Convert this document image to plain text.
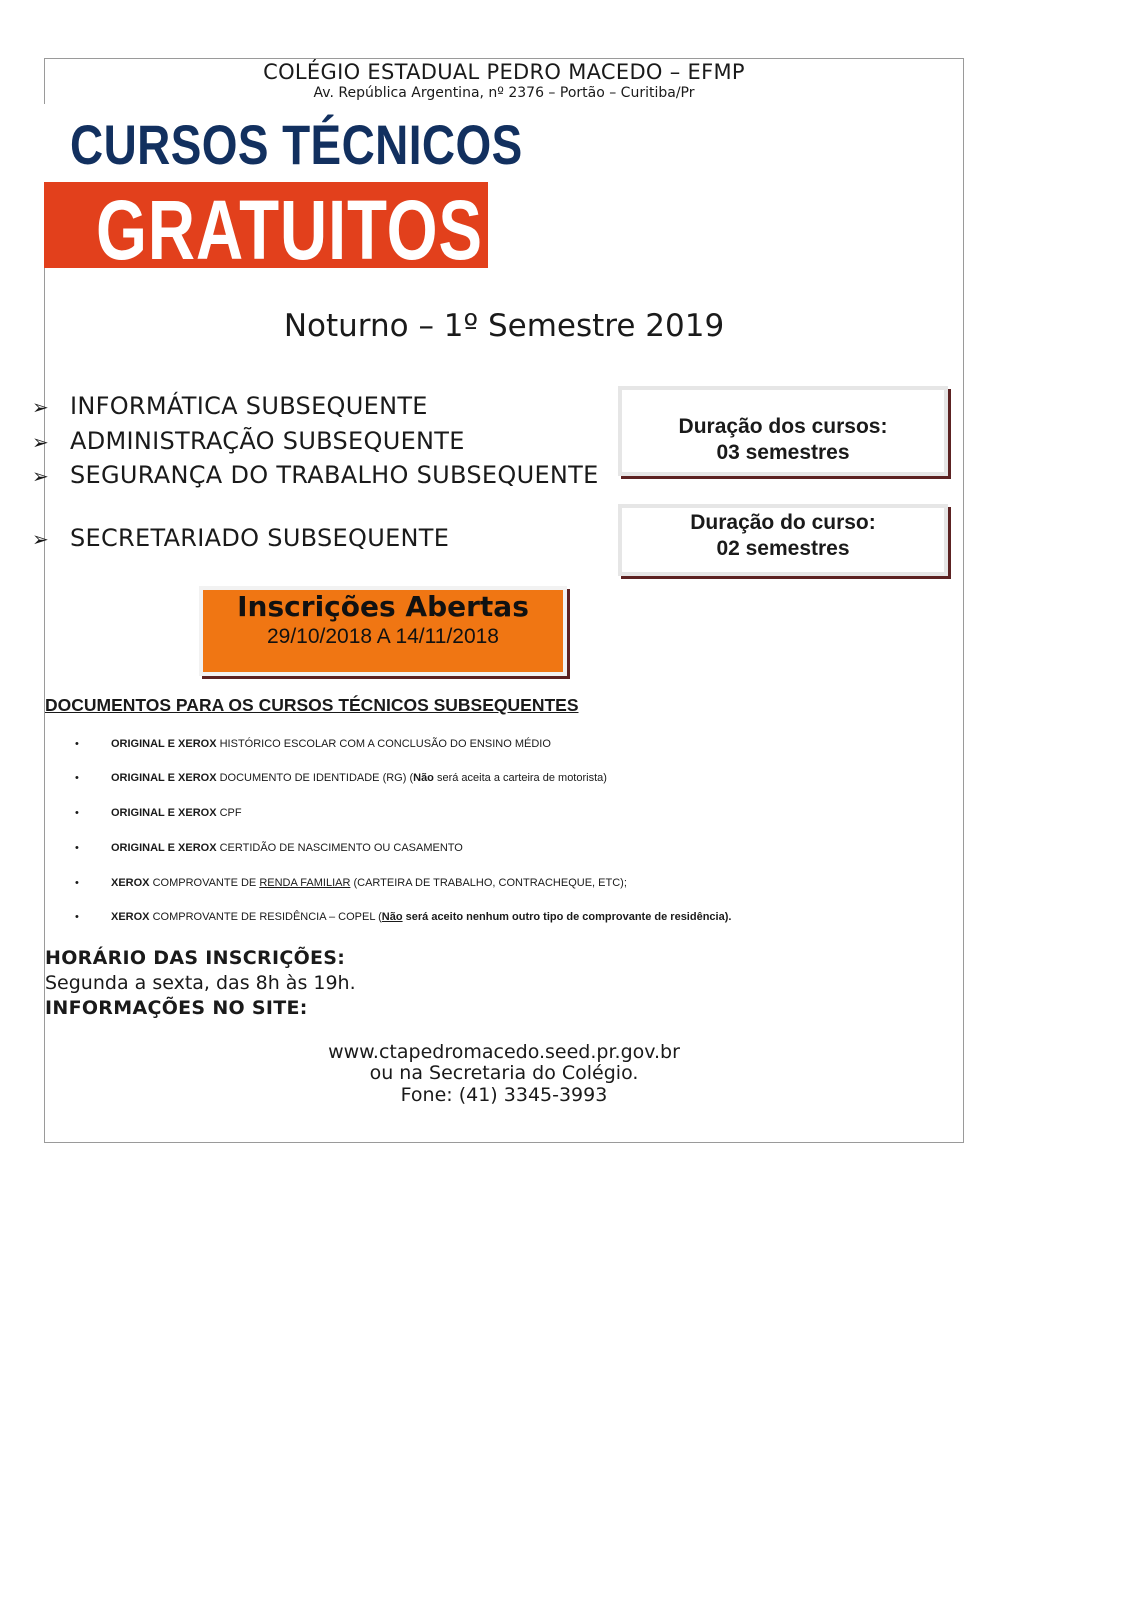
COLÉGIO ESTADUAL PEDRO MACEDO – EFMP
Av. República Argentina, nº 2376 – Portão – Curitiba/Pr
CURSOS TÉCNICOS
GRATUITOS
Noturno – 1º Semestre 2019
➢ INFORMÁTICA SUBSEQUENTE
➢ ADMINISTRAÇÃO SUBSEQUENTE
➢ SEGURANÇA DO TRABALHO SUBSEQUENTE
➢ SECRETARIADO SUBSEQUENTE
Duração dos cursos:
03 semestres
Duração do curso:
02 semestres
Inscrições Abertas
29/10/2018 A 14/11/2018
DOCUMENTOS PARA OS CURSOS TÉCNICOS SUBSEQUENTES
•	ORIGINAL E XEROX HISTÓRICO ESCOLAR COM A CONCLUSÃO DO ENSINO MÉDIO
•	ORIGINAL E XEROX DOCUMENTO DE IDENTIDADE (RG) (Não será aceita a carteira de motorista)
•	ORIGINAL E XEROX CPF
•	ORIGINAL E XEROX CERTIDÃO DE NASCIMENTO OU CASAMENTO
•	XEROX COMPROVANTE DE RENDA FAMILIAR (CARTEIRA DE TRABALHO, CONTRACHEQUE, ETC);
•	XEROX COMPROVANTE DE RESIDÊNCIA – COPEL (Não será aceito nenhum outro tipo de comprovante de residência).
HORÁRIO DAS INSCRIÇÕES:
Segunda a sexta, das 8h às 19h.
INFORMAÇÕES NO SITE:
www.ctapedromacedo.seed.pr.gov.br
ou na Secretaria do Colégio.
Fone: (41) 3345-3993
